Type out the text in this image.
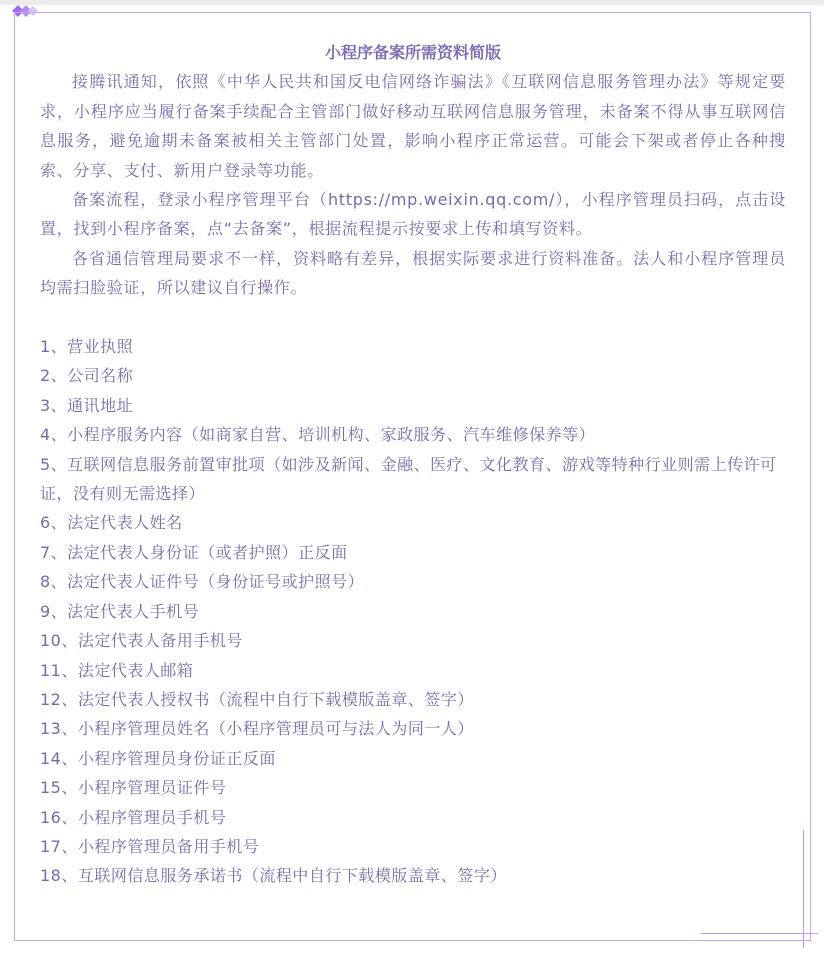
小程序备案所需资料简版

接腾讯通知，依照《中华人民共和国反电信网络诈骗法》《互联网信息服务管理办法》等规定要求，小程序应当履行备案手续配合主管部门做好移动互联网信息服务管理，未备案不得从事互联网信息服务，避免逾期未备案被相关主管部门处置，影响小程序正常运营。可能会下架或者停止各种搜索、分享、支付、新用户登录等功能。

备案流程，登录小程序管理平台（https://mp.weixin.qq.com/），小程序管理员扫码，点击设置，找到小程序备案，点“去备案”，根据流程提示按要求上传和填写资料。

各省通信管理局要求不一样，资料略有差异，根据实际要求进行资料准备。法人和小程序管理员均需扫脸验证，所以建议自行操作。

1、营业执照
2、公司名称
3、通讯地址
4、小程序服务内容（如商家自营、培训机构、家政服务、汽车维修保养等）
5、互联网信息服务前置审批项（如涉及新闻、金融、医疗、文化教育、游戏等特种行业则需上传许可证，没有则无需选择）
6、法定代表人姓名
7、法定代表人身份证（或者护照）正反面
8、法定代表人证件号（身份证号或护照号）
9、法定代表人手机号
10、法定代表人备用手机号
11、法定代表人邮箱
12、法定代表人授权书（流程中自行下载模版盖章、签字）
13、小程序管理员姓名（小程序管理员可与法人为同一人）
14、小程序管理员身份证正反面
15、小程序管理员证件号
16、小程序管理员手机号
17、小程序管理员备用手机号
18、互联网信息服务承诺书（流程中自行下载模版盖章、签字）
